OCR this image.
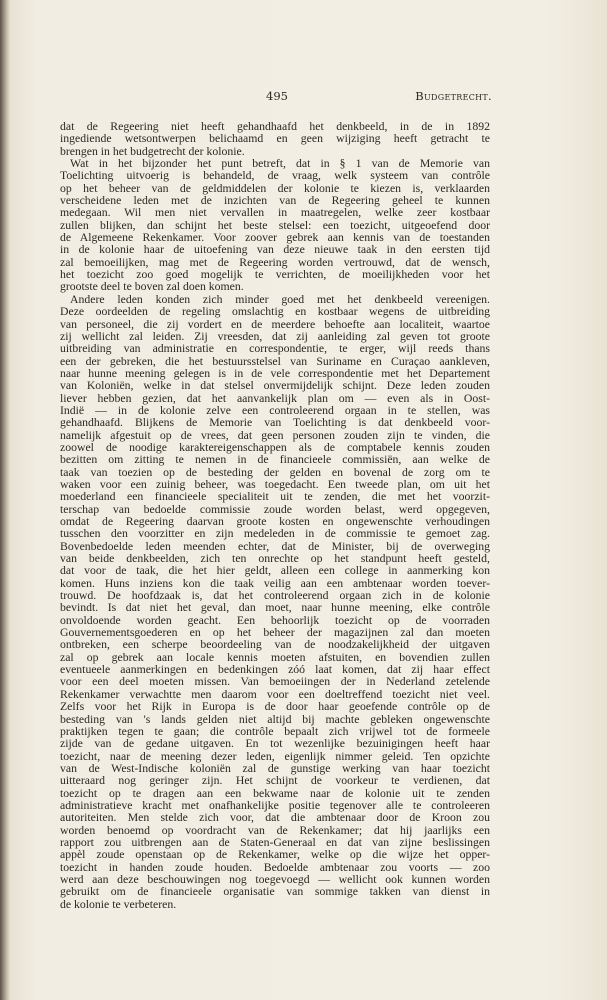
495	Budgetrecht.
dat de Regeering niet heeft gehandhaafd het denkbeeld, in de in 1892
ingediende wetsontwerpen belichaamd en geen wijziging heeft getracht te
brengen in het budgetrecht der kolonie.
Wat in het bijzonder het punt betreft, dat in § 1 van de Memorie van
Toelichting uitvoerig is behandeld, de vraag, welk systeem van contrôle
op het beheer van de geldmiddelen der kolonie te kiezen is, verklaarden
verscheidene leden met de inzichten van de Regeering geheel te kunnen
medegaan. Wil men niet vervallen in maatregelen, welke zeer kostbaar
zullen blijken, dan schijnt het beste stelsel: een toezicht, uitgeoefend door
de Algemeene Rekenkamer. Voor zoover gebrek aan kennis van de toestanden
in de kolonie haar de uitoefening van deze nieuwe taak in den eersten tijd
zal bemoeilijken, mag met de Regeering worden vertrouwd, dat de wensch,
het toezicht zoo goed mogelijk te verrichten, de moeilijkheden voor het
grootste deel te boven zal doen komen.
Andere leden konden zich minder goed met het denkbeeld vereenigen.
Deze oordeelden de regeling omslachtig en kostbaar wegens de uitbreiding
van personeel, die zij vordert en de meerdere behoefte aan localiteit, waartoe
zij wellicht zal leiden. Zij vreesden, dat zij aanleiding zal geven tot groote
uitbreiding van administratie en correspondentie, te erger, wijl reeds thans
een der gebreken, die het bestuursstelsel van Suriname en Curaçao aankleven,
naar hunne meening gelegen is in de vele correspondentie met het Departement
van Koloniën, welke in dat stelsel onvermijdelijk schijnt. Deze leden zouden
liever hebben gezien, dat het aanvankelijk plan om — even als in Oost-
Indië — in de kolonie zelve een controleerend orgaan in te stellen, was
gehandhaafd. Blijkens de Memorie van Toelichting is dat denkbeeld voor-
namelijk afgestuit op de vrees, dat geen personen zouden zijn te vinden, die
zoowel de noodige karaktereigenschappen als de comptabele kennis zouden
bezitten om zitting te nemen in de financieele commissiën, aan welke de
taak van toezien op de besteding der gelden en bovenal de zorg om te
waken voor een zuinig beheer, was toegedacht. Een tweede plan, om uit het
moederland een financieele specialiteit uit te zenden, die met het voorzit-
terschap van bedoelde commissie zoude worden belast, werd opgegeven,
omdat de Regeering daarvan groote kosten en ongewenschte verhoudingen
tusschen den voorzitter en zijn medeleden in de commissie te gemoet zag.
Bovenbedoelde leden meenden echter, dat de Minister, bij de overweging
van beide denkbeelden, zich ten onrechte op het standpunt heeft gesteld,
dat voor de taak, die het hier geldt, alleen een college in aanmerking kon
komen. Huns inziens kon die taak veilig aan een ambtenaar worden toever-
trouwd. De hoofdzaak is, dat het controleerend orgaan zich in de kolonie
bevindt. Is dat niet het geval, dan moet, naar hunne meening, elke contrôle
onvoldoende worden geacht. Een behoorlijk toezicht op de voorraden
Gouvernementsgoederen en op het beheer der magazijnen zal dan moeten
ontbreken, een scherpe beoordeeling van de noodzakelijkheid der uitgaven
zal op gebrek aan locale kennis moeten afstuiten, en bovendien zullen
eventueele aanmerkingen en bedenkingen zóó laat komen, dat zij haar effect
voor een deel moeten missen. Van bemoeiingen der in Nederland zetelende
Rekenkamer verwachtte men daarom voor een doeltreffend toezicht niet veel.
Zelfs voor het Rijk in Europa is de door haar geoefende contrôle op de
besteding van 's lands gelden niet altijd bij machte gebleken ongewenschte
praktijken tegen te gaan; die contrôle bepaalt zich vrijwel tot de formeele
zijde van de gedane uitgaven. En tot wezenlijke bezuinigingen heeft haar
toezicht, naar de meening dezer leden, eigenlijk nimmer geleid. Ten opzichte
van de West-Indische koloniën zal de gunstige werking van haar toezicht
uitteraard nog geringer zijn. Het schijnt de voorkeur te verdienen, dat
toezicht op te dragen aan een bekwame naar de kolonie uit te zenden
administratieve kracht met onafhankelijke positie tegenover alle te controleeren
autoriteiten. Men stelde zich voor, dat die ambtenaar door de Kroon zou
worden benoemd op voordracht van de Rekenkamer; dat hij jaarlijks een
rapport zou uitbrengen aan de Staten-Generaal en dat van zijne beslissingen
appèl zoude openstaan op de Rekenkamer, welke op die wijze het opper-
toezicht in handen zoude houden. Bedoelde ambtenaar zou voorts — zoo
werd aan deze beschouwingen nog toegevoegd — wellicht ook kunnen worden
gebruikt om de financieele organisatie van sommige takken van dienst in
de kolonie te verbeteren.
